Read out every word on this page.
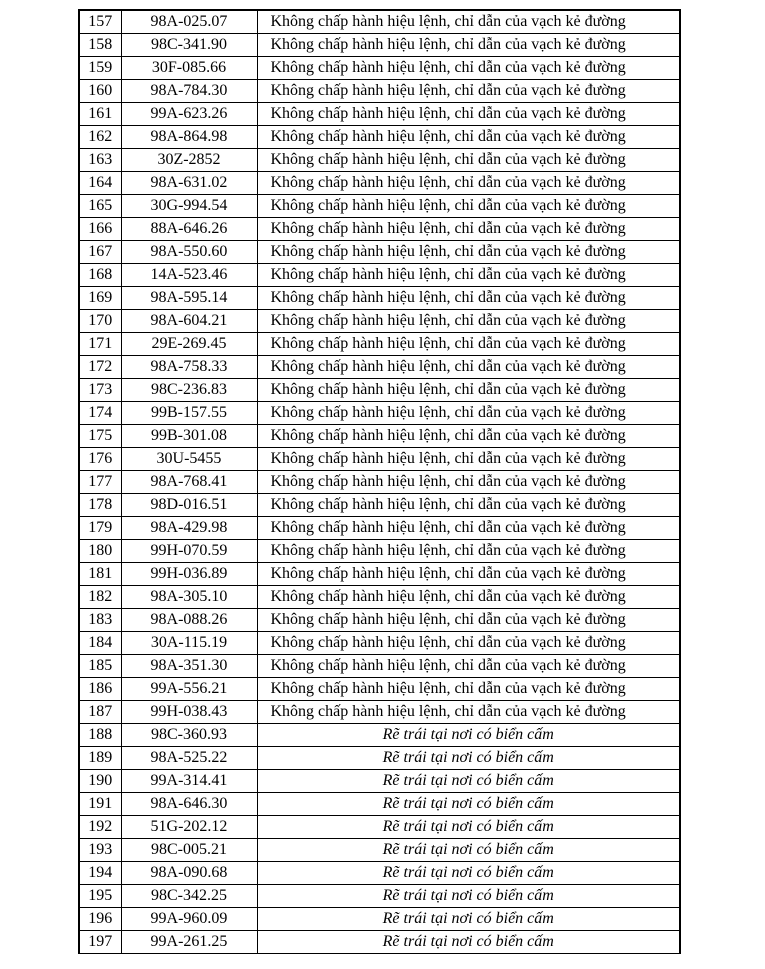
157	98A-025.07	Không chấp hành hiệu lệnh, chỉ dẫn của vạch kẻ đường
158	98C-341.90	Không chấp hành hiệu lệnh, chỉ dẫn của vạch kẻ đường
159	30F-085.66	Không chấp hành hiệu lệnh, chỉ dẫn của vạch kẻ đường
160	98A-784.30	Không chấp hành hiệu lệnh, chỉ dẫn của vạch kẻ đường
161	99A-623.26	Không chấp hành hiệu lệnh, chỉ dẫn của vạch kẻ đường
162	98A-864.98	Không chấp hành hiệu lệnh, chỉ dẫn của vạch kẻ đường
163	30Z-2852	Không chấp hành hiệu lệnh, chỉ dẫn của vạch kẻ đường
164	98A-631.02	Không chấp hành hiệu lệnh, chỉ dẫn của vạch kẻ đường
165	30G-994.54	Không chấp hành hiệu lệnh, chỉ dẫn của vạch kẻ đường
166	88A-646.26	Không chấp hành hiệu lệnh, chỉ dẫn của vạch kẻ đường
167	98A-550.60	Không chấp hành hiệu lệnh, chỉ dẫn của vạch kẻ đường
168	14A-523.46	Không chấp hành hiệu lệnh, chỉ dẫn của vạch kẻ đường
169	98A-595.14	Không chấp hành hiệu lệnh, chỉ dẫn của vạch kẻ đường
170	98A-604.21	Không chấp hành hiệu lệnh, chỉ dẫn của vạch kẻ đường
171	29E-269.45	Không chấp hành hiệu lệnh, chỉ dẫn của vạch kẻ đường
172	98A-758.33	Không chấp hành hiệu lệnh, chỉ dẫn của vạch kẻ đường
173	98C-236.83	Không chấp hành hiệu lệnh, chỉ dẫn của vạch kẻ đường
174	99B-157.55	Không chấp hành hiệu lệnh, chỉ dẫn của vạch kẻ đường
175	99B-301.08	Không chấp hành hiệu lệnh, chỉ dẫn của vạch kẻ đường
176	30U-5455	Không chấp hành hiệu lệnh, chỉ dẫn của vạch kẻ đường
177	98A-768.41	Không chấp hành hiệu lệnh, chỉ dẫn của vạch kẻ đường
178	98D-016.51	Không chấp hành hiệu lệnh, chỉ dẫn của vạch kẻ đường
179	98A-429.98	Không chấp hành hiệu lệnh, chỉ dẫn của vạch kẻ đường
180	99H-070.59	Không chấp hành hiệu lệnh, chỉ dẫn của vạch kẻ đường
181	99H-036.89	Không chấp hành hiệu lệnh, chỉ dẫn của vạch kẻ đường
182	98A-305.10	Không chấp hành hiệu lệnh, chỉ dẫn của vạch kẻ đường
183	98A-088.26	Không chấp hành hiệu lệnh, chỉ dẫn của vạch kẻ đường
184	30A-115.19	Không chấp hành hiệu lệnh, chỉ dẫn của vạch kẻ đường
185	98A-351.30	Không chấp hành hiệu lệnh, chỉ dẫn của vạch kẻ đường
186	99A-556.21	Không chấp hành hiệu lệnh, chỉ dẫn của vạch kẻ đường
187	99H-038.43	Không chấp hành hiệu lệnh, chỉ dẫn của vạch kẻ đường
188	98C-360.93	Rẽ trái tại nơi có biển cấm
189	98A-525.22	Rẽ trái tại nơi có biển cấm
190	99A-314.41	Rẽ trái tại nơi có biển cấm
191	98A-646.30	Rẽ trái tại nơi có biển cấm
192	51G-202.12	Rẽ trái tại nơi có biển cấm
193	98C-005.21	Rẽ trái tại nơi có biển cấm
194	98A-090.68	Rẽ trái tại nơi có biển cấm
195	98C-342.25	Rẽ trái tại nơi có biển cấm
196	99A-960.09	Rẽ trái tại nơi có biển cấm
197	99A-261.25	Rẽ trái tại nơi có biển cấm
